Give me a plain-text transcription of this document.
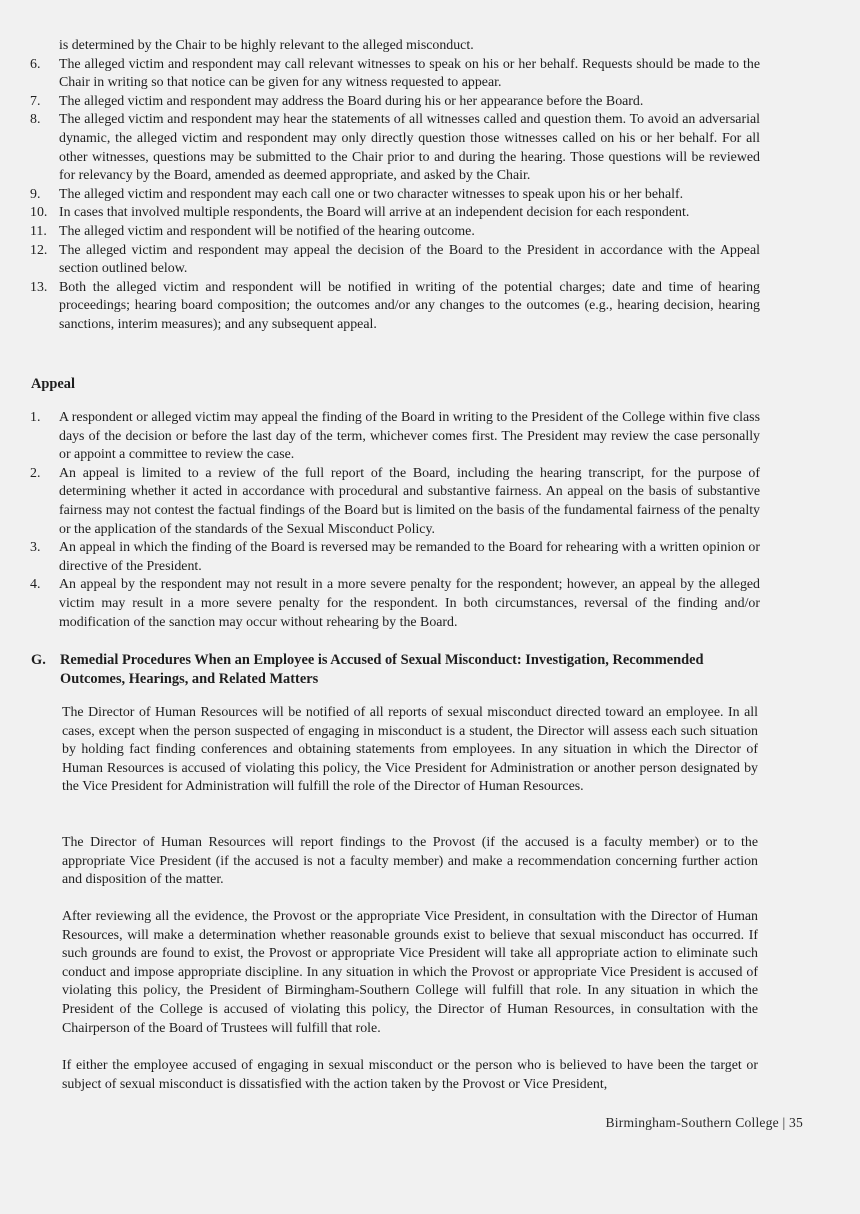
is determined by the Chair to be highly relevant to the alleged misconduct.
6.	The alleged victim and respondent may call relevant witnesses to speak on his or her behalf. Requests should be made to the Chair in writing so that notice can be given for any witness requested to appear.
7.	The alleged victim and respondent may address the Board during his or her appearance before the Board.
8.	The alleged victim and respondent may hear the statements of all witnesses called and question them. To avoid an adversarial dynamic, the alleged victim and respondent may only directly question those witnesses called on his or her behalf. For all other witnesses, questions may be submitted to the Chair prior to and during the hearing. Those questions will be reviewed for relevancy by the Board, amended as deemed appropriate, and asked by the Chair.
9.	The alleged victim and respondent may each call one or two character witnesses to speak upon his or her behalf.
10. In cases that involved multiple respondents, the Board will arrive at an independent decision for each respondent.
11. The alleged victim and respondent will be notified of the hearing outcome.
12. The alleged victim and respondent may appeal the decision of the Board to the President in accordance with the Appeal section outlined below.
13. Both the alleged victim and respondent will be notified in writing of the potential charges; date and time of hearing proceedings; hearing board composition; the outcomes and/or any changes to the outcomes (e.g., hearing decision, hearing sanctions, interim measures); and any subsequent appeal.
Appeal
1.	A respondent or alleged victim may appeal the finding of the Board in writing to the President of the College within five class days of the decision or before the last day of the term, whichever comes first. The President may review the case personally or appoint a committee to review the case.
2.	An appeal is limited to a review of the full report of the Board, including the hearing transcript, for the purpose of determining whether it acted in accordance with procedural and substantive fairness. An appeal on the basis of substantive fairness may not contest the factual findings of the Board but is limited on the basis of the fundamental fairness of the penalty or the application of the standards of the Sexual Misconduct Policy.
3.	An appeal in which the finding of the Board is reversed may be remanded to the Board for rehearing with a written opinion or directive of the President.
4.	An appeal by the respondent may not result in a more severe penalty for the respondent; however, an appeal by the alleged victim may result in a more severe penalty for the respondent. In both circumstances, reversal of the finding and/or modification of the sanction may occur without rehearing by the Board.
G. Remedial Procedures When an Employee is Accused of Sexual Misconduct: Investigation, Recommended Outcomes, Hearings, and Related Matters

The Director of Human Resources will be notified of all reports of sexual misconduct directed toward an employee. In all cases, except when the person suspected of engaging in misconduct is a student, the Director will assess each such situation by holding fact finding conferences and obtaining statements from employees. In any situation in which the Director of Human Resources is accused of violating this policy, the Vice President for Administration or another person designated by the Vice President for Administration will fulfill the role of the Director of Human Resources.

The Director of Human Resources will report findings to the Provost (if the accused is a faculty member) or to the appropriate Vice President (if the accused is not a faculty member) and make a recommendation concerning further action and disposition of the matter.

After reviewing all the evidence, the Provost or the appropriate Vice President, in consultation with the Director of Human Resources, will make a determination whether reasonable grounds exist to believe that sexual misconduct has occurred. If such grounds are found to exist, the Provost or appropriate Vice President will take all appropriate action to eliminate such conduct and impose appropriate discipline. In any situation in which the Provost or appropriate Vice President is accused of violating this policy, the President of Birmingham-Southern College will fulfill that role. In any situation in which the President of the College is accused of violating this policy, the Director of Human Resources, in consultation with the Chairperson of the Board of Trustees will fulfill that role.

If either the employee accused of engaging in sexual misconduct or the person who is believed to have been the target or subject of sexual misconduct is dissatisfied with the action taken by the Provost or Vice President,

Birmingham-Southern College | 35
